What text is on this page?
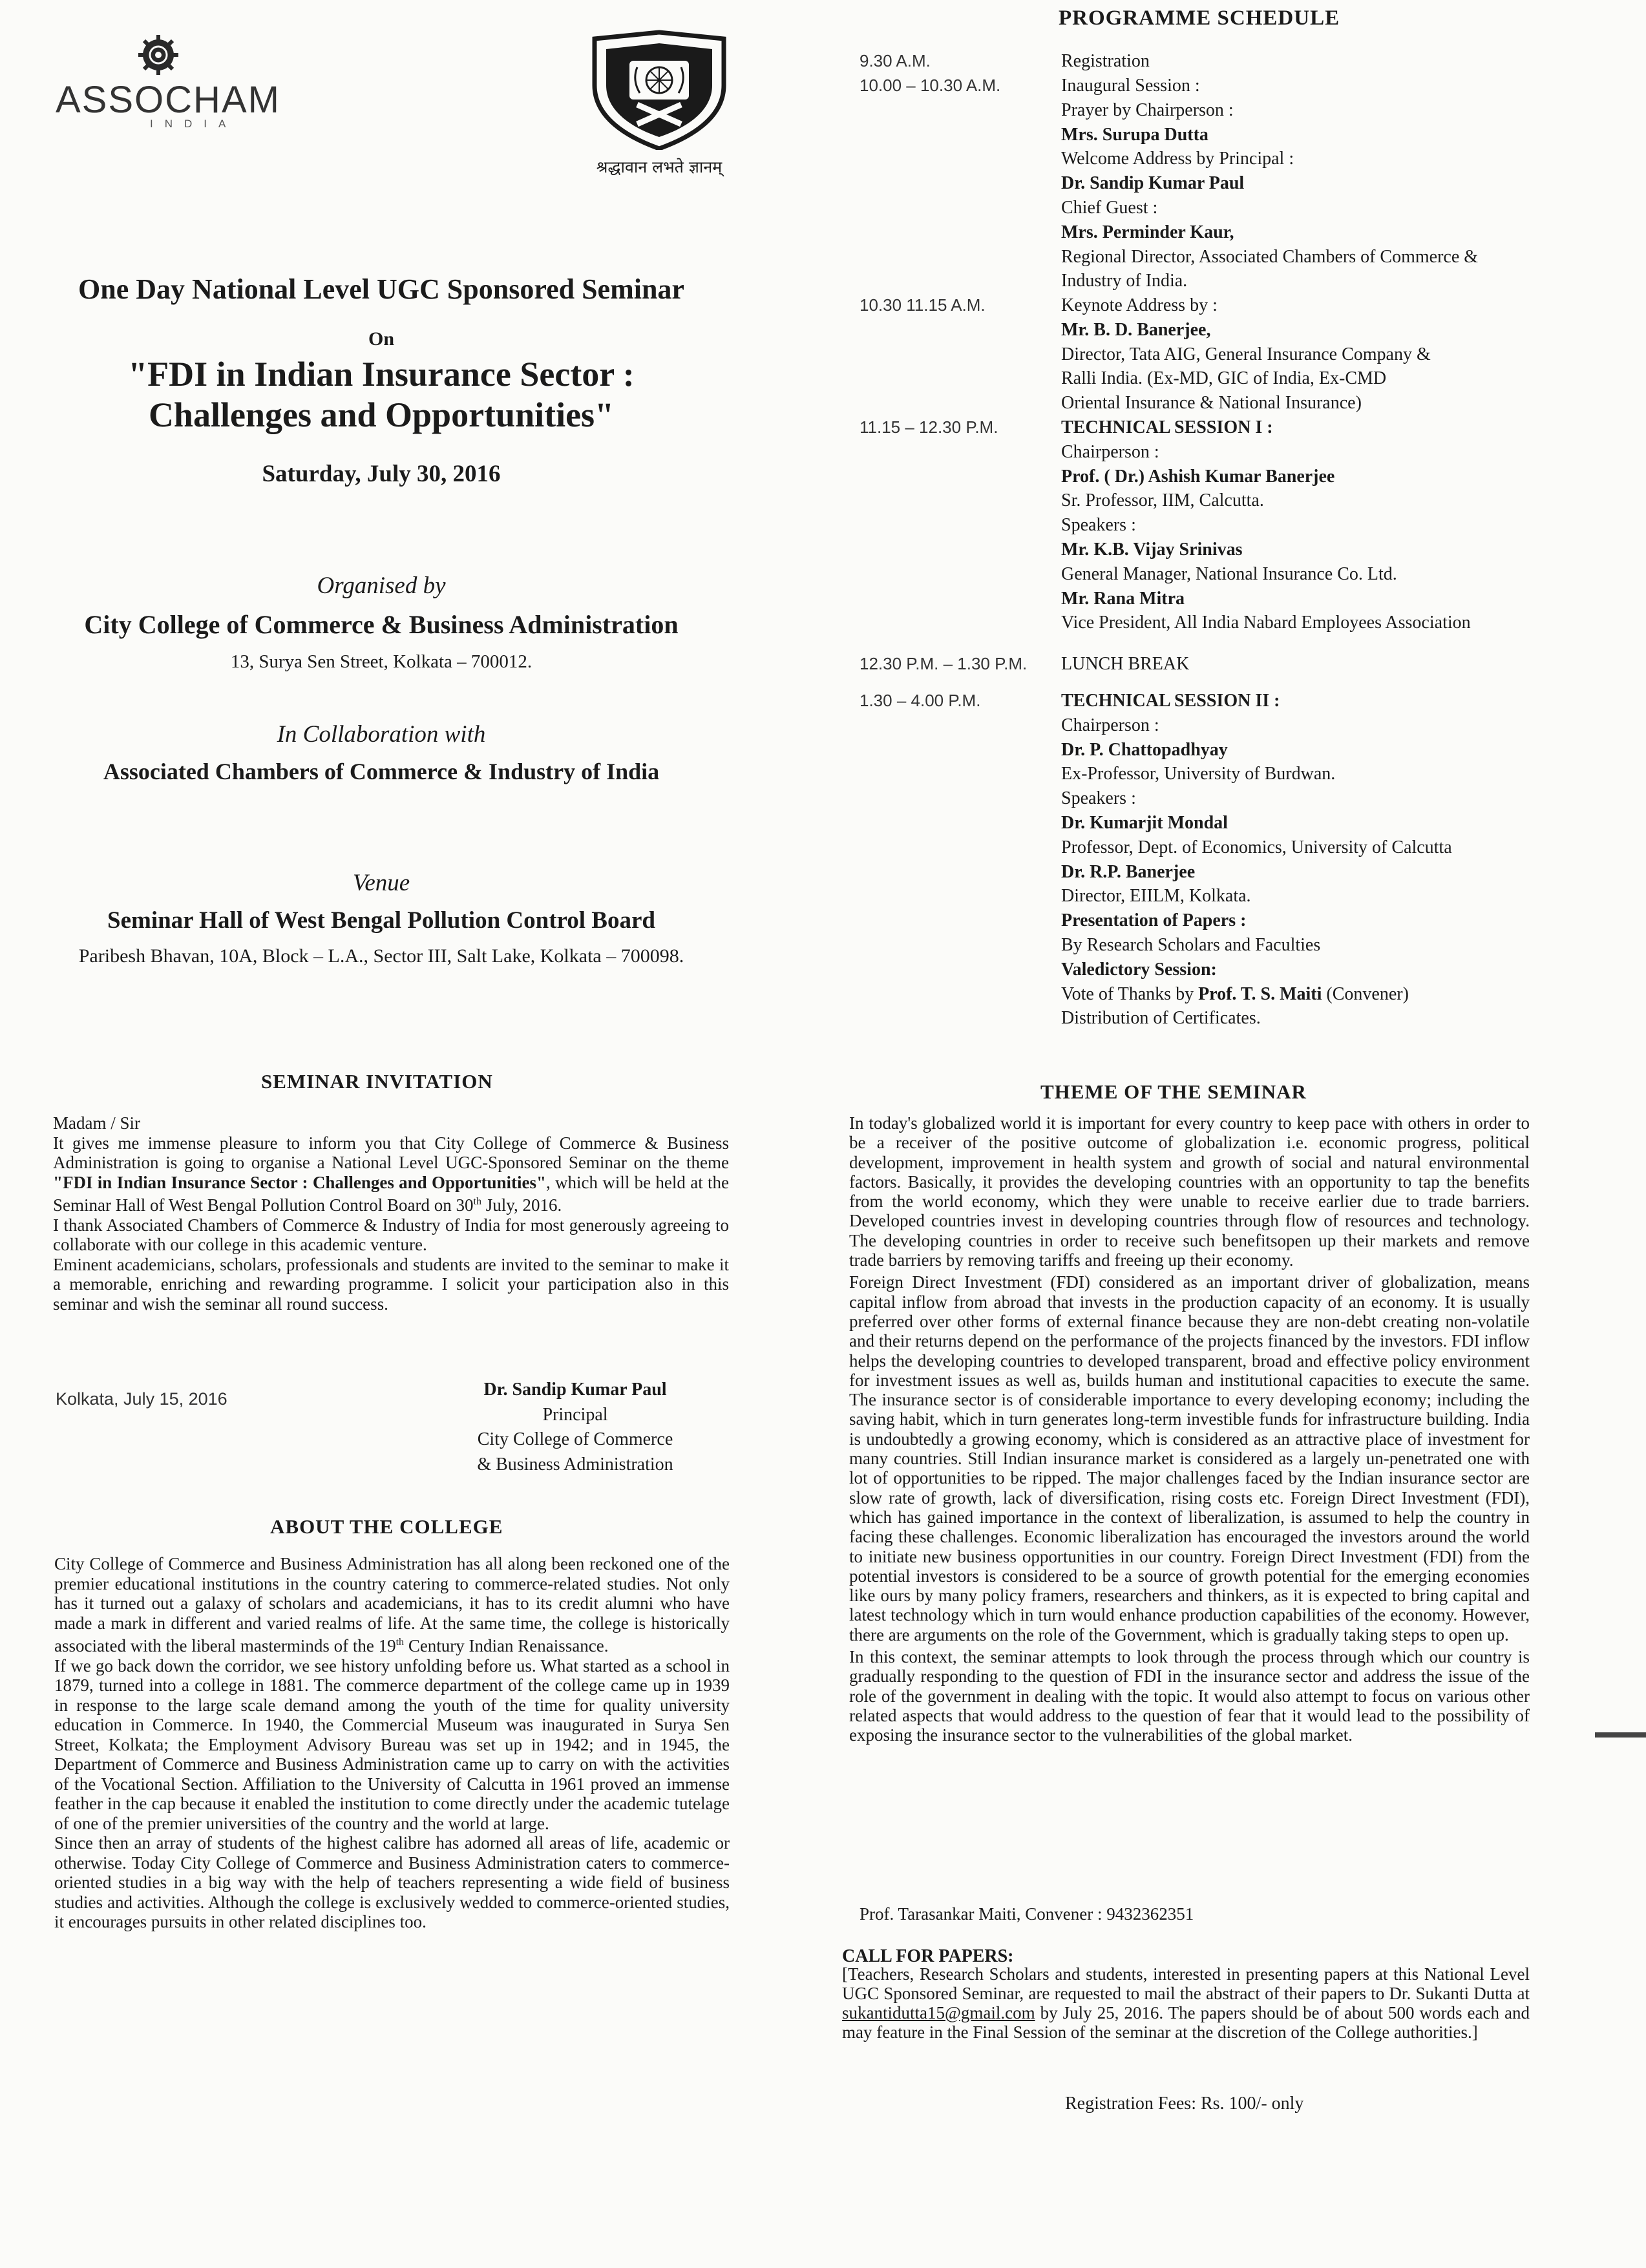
ASSOCHAM
INDIA
श्रद्धावान लभते ज्ञानम्
One Day National Level UGC Sponsored Seminar
On
"FDI in Indian Insurance Sector :
Challenges and Opportunities"
Saturday, July 30, 2016
Organised by
City College of Commerce & Business Administration
13, Surya Sen Street, Kolkata – 700012.
In Collaboration with
Associated Chambers of Commerce & Industry of India
Venue
Seminar Hall of West Bengal Pollution Control Board
Paribesh Bhavan, 10A, Block – L.A., Sector III, Salt Lake, Kolkata – 700098.
PROGRAMME SCHEDULE
9.30 A.M.	Registration
10.00 – 10.30 A.M.	Inaugural Session :
Prayer by Chairperson :
Mrs. Surupa Dutta
Welcome Address by Principal :
Dr. Sandip Kumar Paul
Chief Guest :
Mrs. Perminder Kaur,
Regional Director, Associated Chambers of Commerce &
Industry of India.
10.30 11.15 A.M.	Keynote Address by :
Mr. B. D. Banerjee,
Director, Tata AIG, General Insurance Company &
Ralli India. (Ex-MD, GIC of India, Ex-CMD
Oriental Insurance & National Insurance)
11.15 – 12.30 P.M.	TECHNICAL SESSION I :
Chairperson :
Prof. ( Dr.) Ashish Kumar Banerjee
Sr. Professor, IIM, Calcutta.
Speakers :
Mr. K.B. Vijay Srinivas
General Manager, National Insurance Co. Ltd.
Mr. Rana Mitra
Vice President, All India Nabard Employees Association
12.30 P.M. – 1.30 P.M.	LUNCH BREAK
1.30 – 4.00 P.M.	TECHNICAL SESSION II :
Chairperson :
Dr. P. Chattopadhyay
Ex-Professor, University of Burdwan.
Speakers :
Dr. Kumarjit Mondal
Professor, Dept. of Economics, University of Calcutta
Dr. R.P. Banerjee
Director, EIILM, Kolkata.
Presentation of Papers :
By Research Scholars and Faculties
Valedictory Session:
Vote of Thanks by Prof. T. S. Maiti (Convener)
Distribution of Certificates.
SEMINAR INVITATION

Madam / Sir

It gives me immense pleasure to inform you that City College of Commerce & Business Administration is going to organise a National Level UGC-Sponsored Seminar on the theme "FDI in Indian Insurance Sector : Challenges and Opportunities", which will be held at the Seminar Hall of West Bengal Pollution Control Board on 30th July, 2016.

I thank Associated Chambers of Commerce & Industry of India for most generously agreeing to collaborate with our college in this academic venture.

Eminent academicians, scholars, professionals and students are invited to the seminar to make it a memorable, enriching and rewarding programme. I solicit your participation also in this seminar and wish the seminar all round success.

Kolkata, July 15, 2016	Dr. Sandip Kumar Paul
Principal
City College of Commerce
& Business Administration
ABOUT THE COLLEGE

City College of Commerce and Business Administration has all along been reckoned one of the premier educational institutions in the country catering to commerce-related studies. Not only has it turned out a galaxy of scholars and academicians, it has to its credit alumni who have made a mark in different and varied realms of life. At the same time, the college is historically associated with the liberal masterminds of the 19th Century Indian Renaissance.

If we go back down the corridor, we see history unfolding before us. What started as a school in 1879, turned into a college in 1881. The commerce department of the college came up in 1939 in response to the large scale demand among the youth of the time for quality university education in Commerce. In 1940, the Commercial Museum was inaugurated in Surya Sen Street, Kolkata; the Employment Advisory Bureau was set up in 1942; and in 1945, the Department of Commerce and Business Administration came up to carry on with the activities of the Vocational Section. Affiliation to the University of Calcutta in 1961 proved an immense feather in the cap because it enabled the institution to come directly under the academic tutelage of one of the premier universities of the country and the world at large.

Since then an array of students of the highest calibre has adorned all areas of life, academic or otherwise. Today City College of Commerce and Business Administration caters to commerce-oriented studies in a big way with the help of teachers representing a wide field of business studies and activities. Although the college is exclusively wedded to commerce-oriented studies, it encourages pursuits in other related disciplines too.

THEME OF THE SEMINAR

In today's globalized world it is important for every country to keep pace with others in order to be a receiver of the positive outcome of globalization i.e. economic progress, political development, improvement in health system and growth of social and natural environmental factors. Basically, it provides the developing countries with an opportunity to tap the benefits from the world economy, which they were unable to receive earlier due to trade barriers. Developed countries invest in developing countries through flow of resources and technology. The developing countries in order to receive such benefitsopen up their markets and remove trade barriers by removing tariffs and freeing up their economy.

Foreign Direct Investment (FDI) considered as an important driver of globalization, means capital inflow from abroad that invests in the production capacity of an economy. It is usually preferred over other forms of external finance because they are non-debt creating non-volatile and their returns depend on the performance of the projects financed by the investors. FDI inflow helps the developing countries to developed transparent, broad and effective policy environment for investment issues as well as, builds human and institutional capacities to execute the same. The insurance sector is of considerable importance to every developing economy; including the saving habit, which in turn generates long-term investible funds for infrastructure building. India is undoubtedly a growing economy, which is considered as an attractive place of investment for many countries. Still Indian insurance market is considered as a largely un-penetrated one with lot of opportunities to be ripped. The major challenges faced by the Indian insurance sector are slow rate of growth, lack of diversification, rising costs etc. Foreign Direct Investment (FDI), which has gained importance in the context of liberalization, is assumed to help the country in facing these challenges. Economic liberalization has encouraged the investors around the world to initiate new business opportunities in our country. Foreign Direct Investment (FDI) from the potential investors is considered to be a source of growth potential for the emerging economies like ours by many policy framers, researchers and thinkers, as it is expected to bring capital and latest technology which in turn would enhance production capabilities of the economy. However, there are arguments on the role of the Government, which is gradually taking steps to open up.

In this context, the seminar attempts to look through the process through which our country is gradually responding to the question of FDI in the insurance sector and address the issue of the role of the government in dealing with the topic. It would also attempt to focus on various other related aspects that would address to the question of fear that it would lead to the possibility of exposing the insurance sector to the vulnerabilities of the global market.

Prof. Tarasankar Maiti, Convener : 9432362351
CALL FOR PAPERS:

[Teachers, Research Scholars and students, interested in presenting papers at this National Level UGC Sponsored Seminar, are requested to mail the abstract of their papers to Dr. Sukanti Dutta at sukantidutta15@gmail.com by July 25, 2016. The papers should be of about 500 words each and may feature in the Final Session of the seminar at the discretion of the College authorities.]

Registration Fees: Rs. 100/- only
